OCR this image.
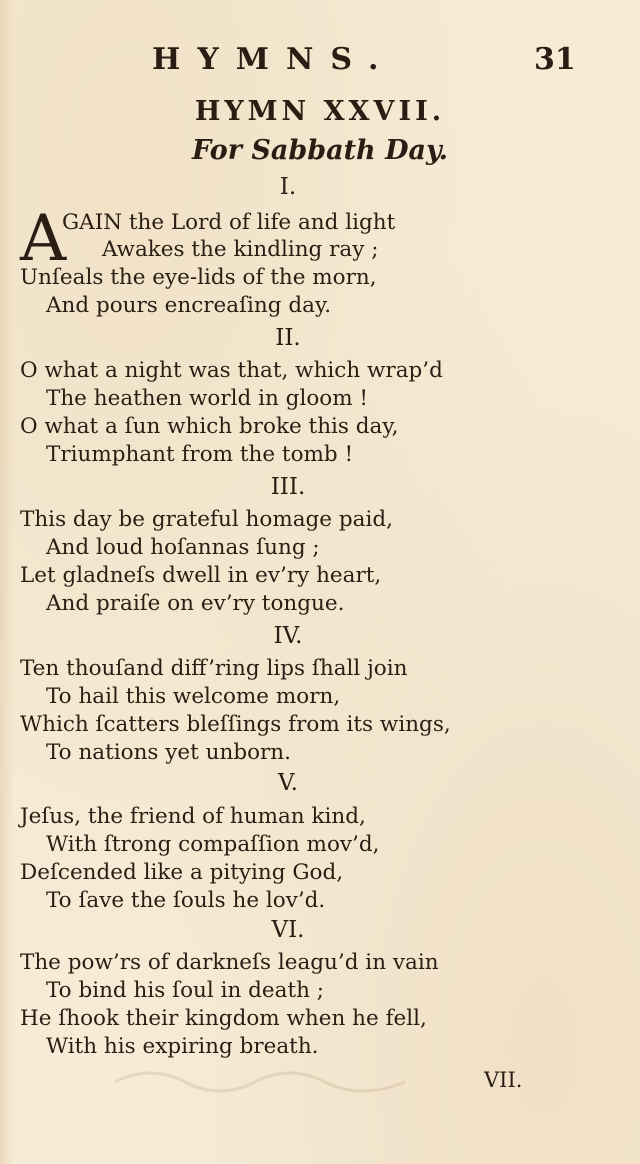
HYMNS.	31
HYMN XXVII.
For Sabbath Day.
I.
A
GAIN the Lord of life and light
Awakes the kindling ray ;
Unſeals the eye-lids of the morn,
And pours encreaſing day.
II.
O what a night was that, which wrap’d
The heathen world in gloom !
O what a ſun which broke this day,
Triumphant from the tomb !
III.
This day be grateful homage paid,
And loud hoſannas ſung ;
Let gladneſs dwell in ev’ry heart,
And praiſe on ev’ry tongue.
IV.
Ten thouſand diff’ring lips ſhall join
To hail this welcome morn,
Which ſcatters bleſſings from its wings,
To nations yet unborn.
V.
Jeſus, the friend of human kind,
With ſtrong compaſſion mov’d,
Deſcended like a pitying God,
To ſave the ſouls he lov’d.
VI.
The pow’rs of darkneſs leagu’d in vain
To bind his ſoul in death ;
He ſhook their kingdom when he fell,
With his expiring breath.
VII.
